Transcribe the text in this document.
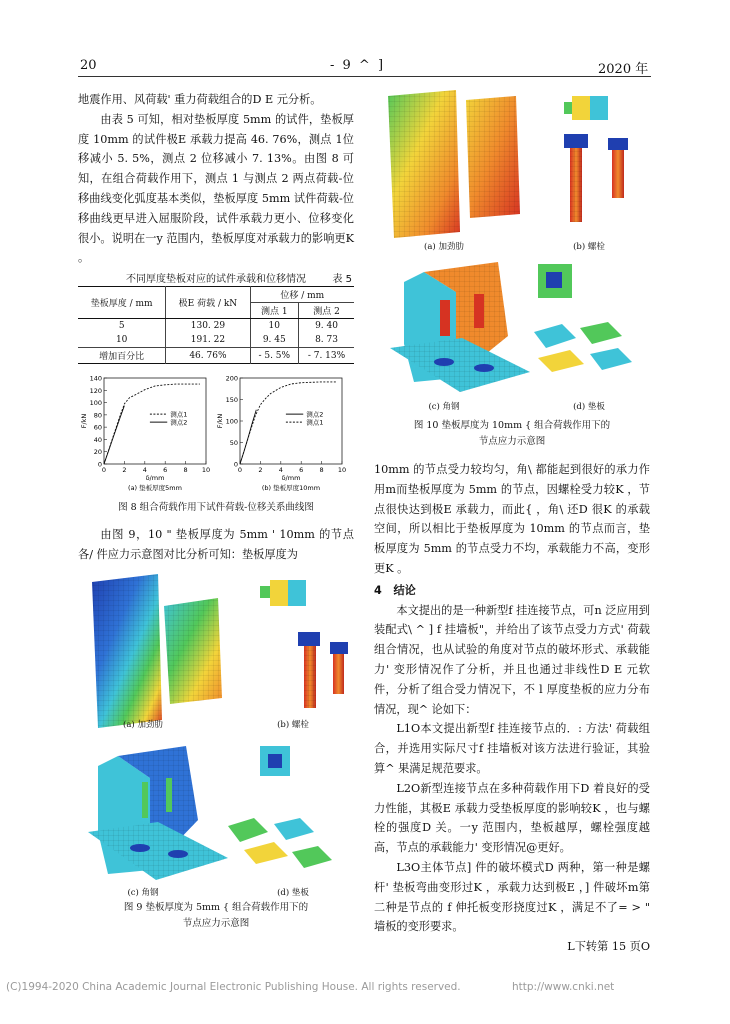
20	- 9 ^ ]	2020 年

地震作用、风荷载' 重力荷载组合的D E 元分析。

由表 5 可知，相对垫板厚度 5mm 的试件，垫板厚度 10mm 的试件极E 承载力提高 46. 76%，测点 1位移减小 5. 5%，测点 2 位移减小 7. 13%。由图 8 可知，在组合荷载作用下，测点 1 与测点 2 两点荷载-位移曲线变化弧度基本类似，垫板厚度 5mm 试件荷载-位移曲线更早进入屈服阶段，试件承载力更小、位移变化很小。说明在一y 范围内，垫板厚度对承载力的影响更K 。

不同厚度垫板对应的试件承载和位移情况	表 5
垫板厚度 / mm	极E 荷载 / kN	位移 / mm	
		测点 1	测点 2
5	130. 29	10	9. 40
10	191. 22	9. 45	8. 73
增加百分比	46. 76%	- 5. 5%	- 7. 13%
0
20
40
60
80
100
120
140
0	2	4	6	8 10
F/kN
δ/mm
(a) 垫板厚度5mm
测点1
测点2
0
50
100
150
200
0	2	4	6	8 10
F/kN
δ/mm
(b) 垫板厚度10mm
测点2
测点1
图 8 组合荷载作用下试件荷载-位移关系曲线图

由图 9，10 " 垫板厚度为 5mm ' 10mm 的节点各/ 件应力示意图对比分析可知：垫板厚度为

(a) 加劲肋	(b) 螺栓
(c) 角钢	(d) 垫板
图 9 垫板厚度为 5mm { 组合荷载作用下的
节点应力示意图
(a) 加劲肋	(b) 螺栓
(c) 角钢	(d) 垫板
图 10 垫板厚度为 10mm { 组合荷载作用下的
节点应力示意图

10mm 的节点受力较均匀，角\ 都能起到很好的承力作用m而垫板厚度为 5mm 的节点，因螺栓受力较K ，节点很快达到极E 承载力，而此{ ，角\ 还D 很K 的承载空间，所以相比于垫板厚度为 10mm 的节点而言，垫板厚度为 5mm 的节点受力不均，承载能力不高，变形更K 。

4 结论

本文提出的是一种新型f 挂连接节点，可n 泛应用到装配式\ ^ ] f 挂墙板"，并给出了该节点受力方式' 荷载组合情况，也从试验的角度对节点的破坏形式、承载能力' 变形情况作了分析，并且也通过非线性D E 元软件，分析了组合受力情况下，不 l 厚度垫板的应力分布情况，现^ 论如下：

L1O本文提出新型f 挂连接节点的．: 方法' 荷载组合，并选用实际尺寸f 挂墙板对该方法进行验证，其验算^ 果满足规范要求。

L2O新型连接节点在多种荷载作用下D 着良好的受力性能，其极E 承载力受垫板厚度的影响较K ，也与螺栓的强度D 关。一y 范围内，垫板越厚，螺栓强度越高，节点的承载能力' 变形情况@更好。

L3O主体节点] 件的破坏模式D 两种，第一种是螺杆' 垫板弯曲变形过K ，承载力达到极E ，] 件破坏m第二种是节点的 f 伸托板变形挠度过K ，满足不了= > " 墙板的变形要求。

L下转第 15 页O

(C)1994-2020 China Academic Journal Electronic Publishing House. All rights reserved.	http://www.cnki.net
